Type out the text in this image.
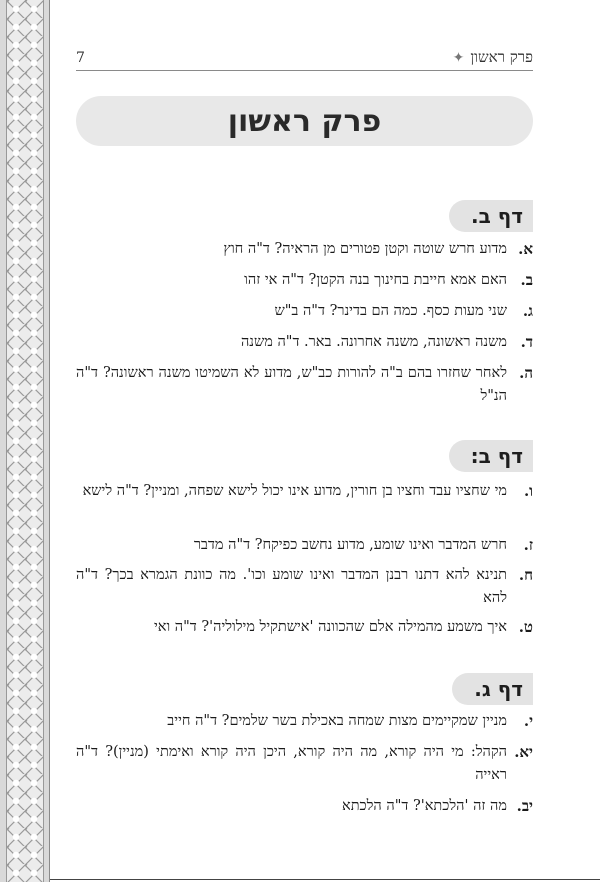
7	פרק ראשון
✦
פרק ראשון
דף ב.
א.
מדוע חרש שוטה וקטן פטורים מן הראיה? ד"ה חוץ
ב.
האם אמא חייבת בחינוך בנה הקטן? ד"ה אי זהו
ג.
שני מעות כסף. כמה הם בדינר? ד"ה ב"ש
ד.
משנה ראשונה, משנה אחרונה. באר. ד"ה משנה
ה.
לאחר שחזרו בהם ב"ה להורות כב"ש, מדוע לא השמיטו משנה ראשונה? ד"ה הנ"ל
דף ב:
ו.
מי שחציו עבד וחציו בן חורין, מדוע אינו יכול לישא שפחה, ומניין? ד"ה לישא
ז.
חרש המדבר ואינו שומע, מדוע נחשב כפיקח? ד"ה מדבר
ח.
תנינא להא דתנו רבנן המדבר ואינו שומע וכו'. מה כוונת הגמרא בכך? ד"ה להא
ט.
איך משמע מהמילה אלם שהכוונה 'אישתקיל מילוליה'? ד"ה ואי
דף ג.
י.
מניין שמקיימים מצות שמחה באכילת בשר שלמים? ד"ה חייב
יא.
הקהל: מי היה קורא, מה היה קורא, היכן היה קורא ואימתי (מניין)? ד"ה ראייה
יב.
מה זה 'הלכתא'? ד"ה הלכתא
